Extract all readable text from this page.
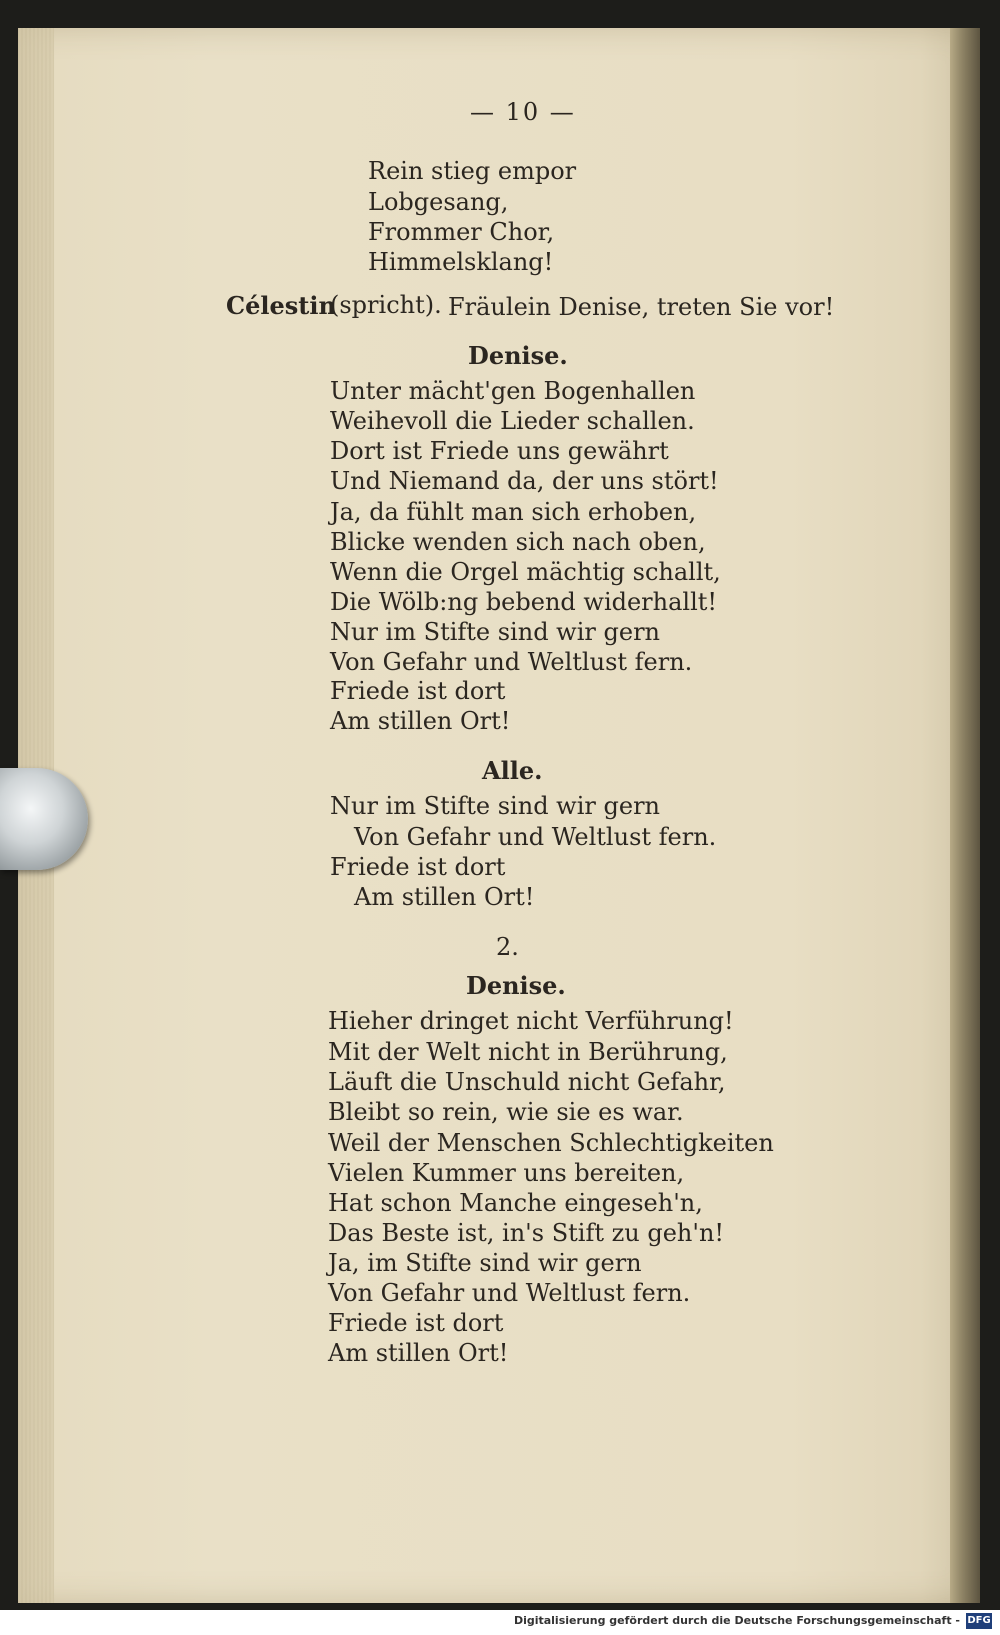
— 10 —
Rein stieg empor
Lobgesang,
Frommer Chor,
Himmelsklang!
Célestin
(spricht). Fräulein Denise, treten Sie vor!
Denise.
Unter mächt'gen Bogenhallen
Weihevoll die Lieder schallen.
Dort ist Friede uns gewährt
Und Niemand da, der uns stört!
Ja, da fühlt man sich erhoben,
Blicke wenden sich nach oben,
Wenn die Orgel mächtig schallt,
Die Wölb:ng bebend widerhallt!
Nur im Stifte sind wir gern
Von Gefahr und Weltlust fern.
Friede ist dort
Am stillen Ort!
Alle.
Nur im Stifte sind wir gern
Von Gefahr und Weltlust fern.
Friede ist dort
Am stillen Ort!
2.
Denise.
Hieher dringet nicht Verführung!
Mit der Welt nicht in Berührung,
Läuft die Unschuld nicht Gefahr,
Bleibt so rein, wie sie es war.
Weil der Menschen Schlechtigkeiten
Vielen Kummer uns bereiten,
Hat schon Manche eingeseh'n,
Das Beste ist, in's Stift zu geh'n!
Ja, im Stifte sind wir gern
Von Gefahr und Weltlust fern.
Friede ist dort
Am stillen Ort!
Digitalisierung gefördert durch die Deutsche Forschungsgemeinschaft - DFG
